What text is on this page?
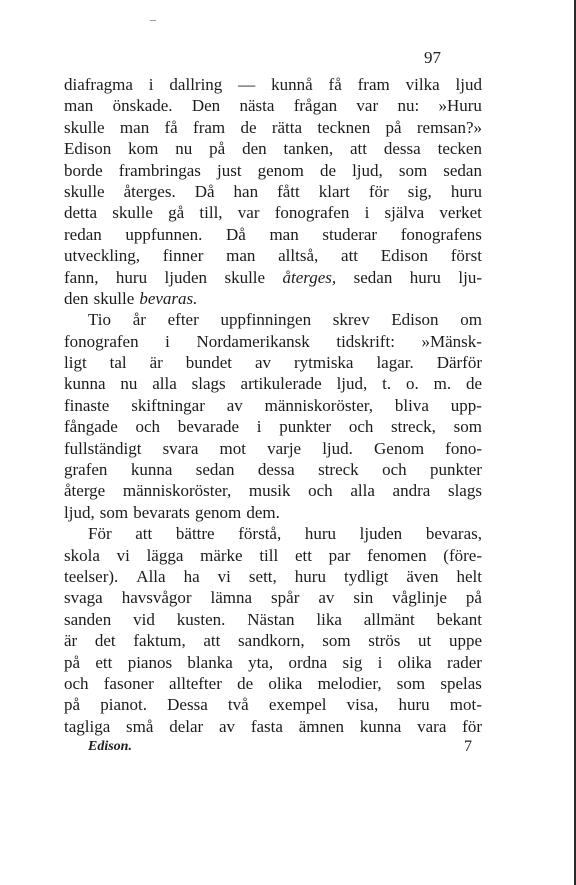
97
diafragma i dallring — kunnå få fram vilka ljud
man önskade. Den nästa frågan var nu: »Huru
skulle man få fram de rätta tecknen på remsan?»
Edison kom nu på den tanken, att dessa tecken
borde frambringas just genom de ljud, som sedan
skulle återges. Då han fått klart för sig, huru
detta skulle gå till, var fonografen i själva verket
redan uppfunnen. Då man studerar fonografens
utveckling, finner man alltså, att Edison först
fann, huru ljuden skulle återges, sedan huru lju-
den skulle bevaras.
Tio år efter uppfinningen skrev Edison om
fonografen i Nordamerikansk tidskrift: »Mänsk-
ligt tal är bundet av rytmiska lagar. Därför
kunna nu alla slags artikulerade ljud, t. o. m. de
finaste skiftningar av människoröster, bliva upp-
fångade och bevarade i punkter och streck, som
fullständigt svara mot varje ljud. Genom fono-
grafen kunna sedan dessa streck och punkter
återge människoröster, musik och alla andra slags
ljud, som bevarats genom dem.
För att bättre förstå, huru ljuden bevaras,
skola vi lägga märke till ett par fenomen (före-
teelser). Alla ha vi sett, huru tydligt även helt
svaga havsvågor lämna spår av sin våglinje på
sanden vid kusten. Nästan lika allmänt bekant
är det faktum, att sandkorn, som strös ut uppe
på ett pianos blanka yta, ordna sig i olika rader
och fasoner alltefter de olika melodier, som spelas
på pianot. Dessa två exempel visa, huru mot-
tagliga små delar av fasta ämnen kunna vara för
Edison.	7
